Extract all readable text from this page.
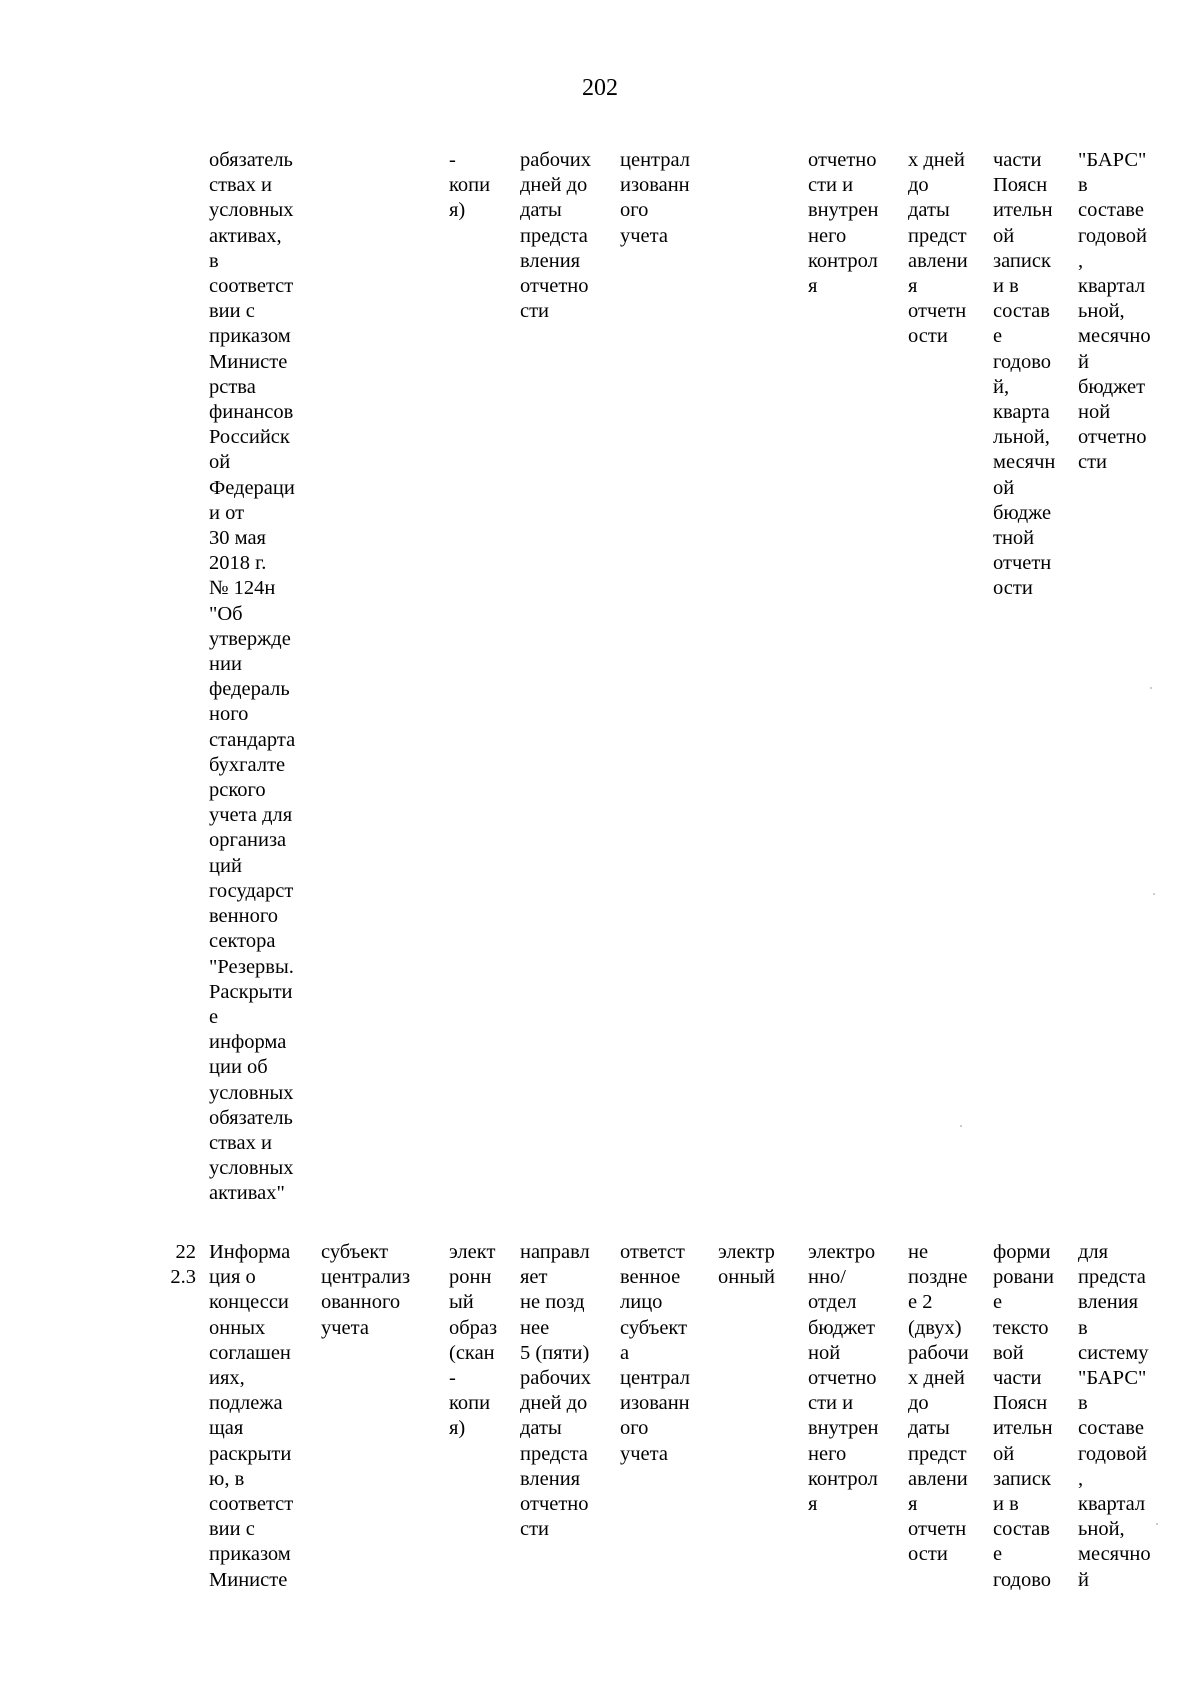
202
обязатель
ствах и
условных
активах,
в
соответст
вии с
приказом
Министе
рства
финансов
Российск
ой
Федераци
и от
30 мая
2018 г.
№ 124н
"Об
утвержде
нии
федераль
ного
стандарта
бухгалте
рского
учета для
организа
ций
государст
венного
сектора
"Резервы.
Раскрыти
е
информа
ции об
условных
обязатель
ствах и
условных
активах"
-
копи
я)
рабочих
дней до
даты
предста
вления
отчетно
сти
централ
изованн
ого
учета
отчетно
сти и
внутрен
него
контрол
я
х дней
до
даты
предст
авлени
я
отчетн
ости
части
Поясн
ительн
ой
записк
и в
состав
е
годово
й,
кварта
льной,
месячн
ой
бюдже
тной
отчетн
ости
"БАРС"
в
составе
годовой
,
квартал
ьной,
месячно
й
бюджет
ной
отчетно
сти
22
2.3
Информа
ция о
концесси
онных
соглашен
иях,
подлежа
щая
раскрыти
ю, в
соответст
вии с
приказом
Министе
субъект
централиз
ованного
учета
элект
ронн
ый
образ
(скан
-
копи
я)
направл
яет
не позд
нее
5 (пяти)
рабочих
дней до
даты
предста
вления
отчетно
сти
ответст
венное
лицо
субъект
а
централ
изованн
ого
учета
электр
онный
электро
нно/
отдел
бюджет
ной
отчетно
сти и
внутрен
него
контрол
я
не
поздне
е 2
(двух)
рабочи
х дней
до
даты
предст
авлени
я
отчетн
ости
форми
ровани
е
тексто
вой
части
Поясн
ительн
ой
записк
и в
состав
е
годово
для
предста
вления
в
систему
"БАРС"
в
составе
годовой
,
квартал
ьной,
месячно
й
